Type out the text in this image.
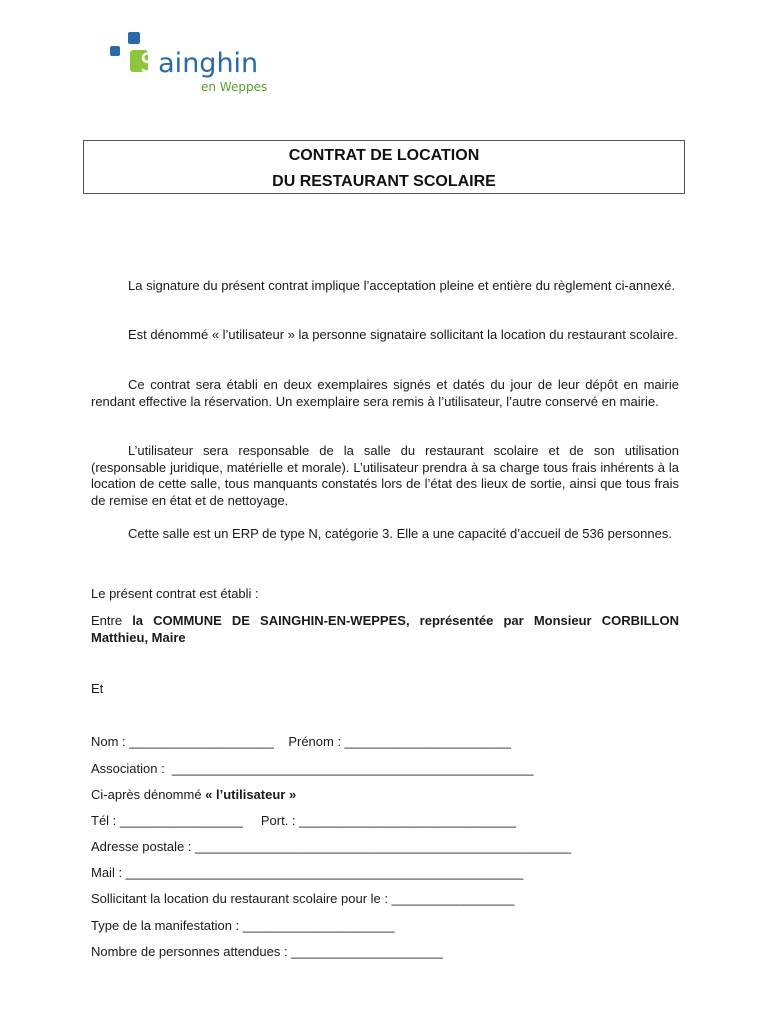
Sainghin
en Weppes
CONTRAT DE LOCATION
DU RESTAURANT SCOLAIRE
La signature du présent contrat implique l’acceptation pleine et entière du règlement ci-annexé.
Est dénommé « l’utilisateur » la personne signataire sollicitant la location du restaurant scolaire.
Ce contrat sera établi en deux exemplaires signés et datés du jour de leur dépôt en mairie rendant effective la réservation. Un exemplaire sera remis à l’utilisateur, l’autre conservé en mairie.
L’utilisateur sera responsable de la salle du restaurant scolaire et de son utilisation (responsable juridique, matérielle et morale). L’utilisateur prendra à sa charge tous frais inhérents à la location de cette salle, tous manquants constatés lors de l’état des lieux de sortie, ainsi que tous frais de remise en état et de nettoyage.
Cette salle est un ERP de type N, catégorie 3. Elle a une capacité d’accueil de 536 personnes.
Le présent contrat est établi :
Entre la COMMUNE DE SAINGHIN-EN-WEPPES, représentée par Monsieur CORBILLON Matthieu, Maire
Et
Nom : ____________________    Prénom : _______________________
Association :  __________________________________________________
Ci-après dénommé « l’utilisateur »
Tél : _________________     Port. : ______________________________
Adresse postale : ____________________________________________________
Mail : _______________________________________________________
Sollicitant la location du restaurant scolaire pour le : _________________
Type de la manifestation : _____________________
Nombre de personnes attendues : _____________________
